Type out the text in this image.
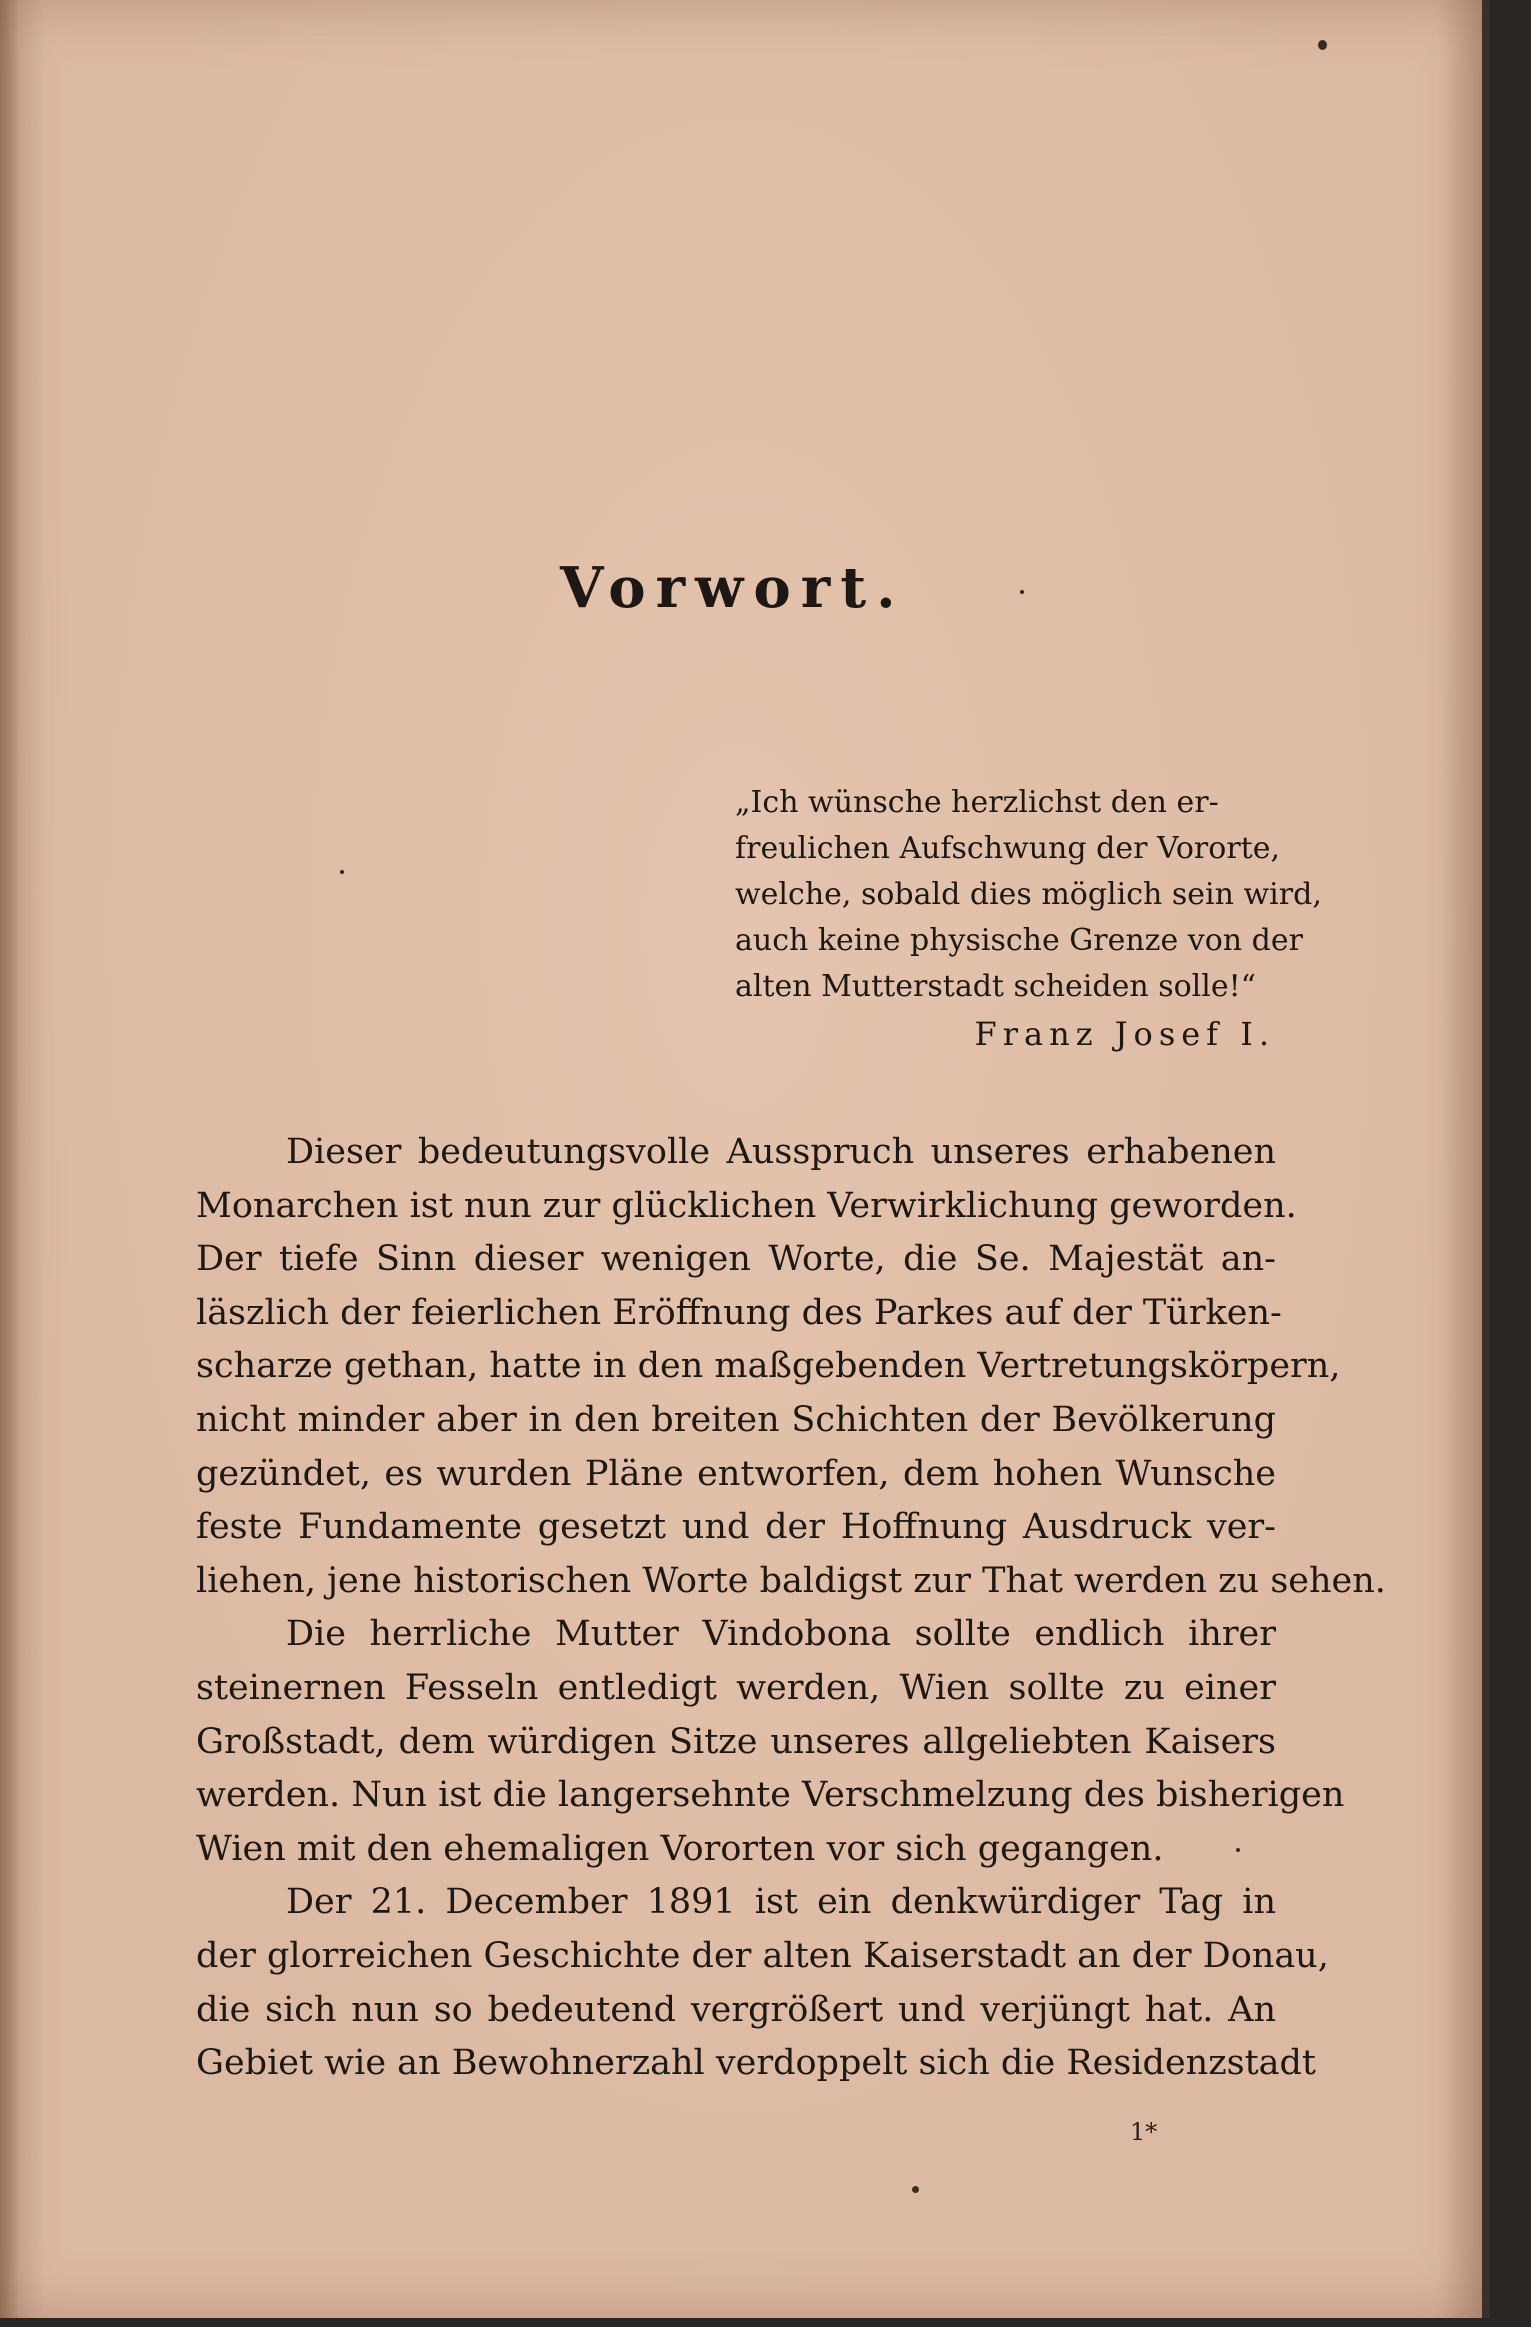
Vorwort.
„Ich wünsche herzlichst den er-
freulichen Aufschwung der Vororte,
welche, sobald dies möglich sein wird,
auch keine physische Grenze von der
alten Mutterstadt scheiden solle!“
Franz Josef I.
Dieser bedeutungsvolle Ausspruch unseres erhabenen
Monarchen ist nun zur glücklichen Verwirklichung geworden.
Der tiefe Sinn dieser wenigen Worte, die Se. Majestät an-
läszlich der feierlichen Eröffnung des Parkes auf der Türken-
scharze gethan, hatte in den maßgebenden Vertretungskörpern,
nicht minder aber in den breiten Schichten der Bevölkerung
gezündet, es wurden Pläne entworfen, dem hohen Wunsche
feste Fundamente gesetzt und der Hoffnung Ausdruck ver-
liehen, jene historischen Worte baldigst zur That werden zu sehen.
Die herrliche Mutter Vindobona sollte endlich ihrer
steinernen Fesseln entledigt werden, Wien sollte zu einer
Großstadt, dem würdigen Sitze unseres allgeliebten Kaisers
werden. Nun ist die langersehnte Verschmelzung des bisherigen
Wien mit den ehemaligen Vororten vor sich gegangen.
Der 21. December 1891 ist ein denkwürdiger Tag in
der glorreichen Geschichte der alten Kaiserstadt an der Donau,
die sich nun so bedeutend vergrößert und verjüngt hat. An
Gebiet wie an Bewohnerzahl verdoppelt sich die Residenzstadt
1*
